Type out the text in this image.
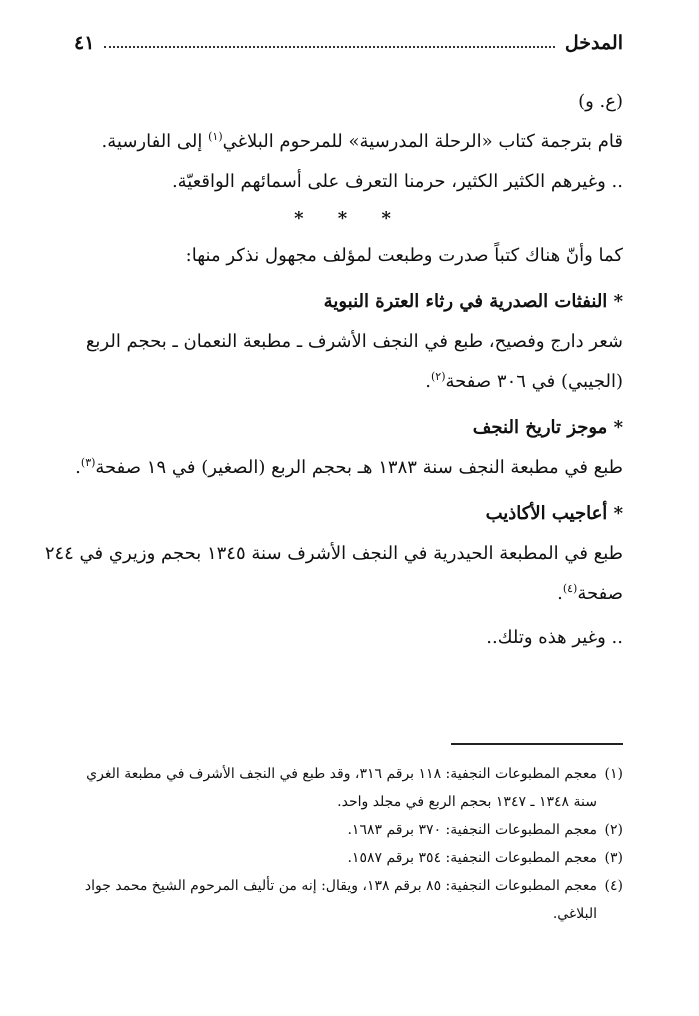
المدخل
٤١
(ع. و)
قام بترجمة كتاب «الرحلة المدرسية» للمرحوم البلاغي$^{(١)}$ إلى الفارسية.
.. وغيرهم الكثير الكثير، حرمنا التعرف على أسمائهم الواقعيّة.
* * *
كما وأنّ هناك كتباً صدرت وطبعت لمؤلف مجهول نذكر منها:
* النفثات الصدرية في رثاء العترة النبوية
شعر دارج وفصيح، طبع في النجف الأشرف ـ مطبعة النعمان ـ بحجم الربع
(الجيبي) في ٣٠٦ صفحة$^{(٢)}$.
* موجز تاريخ النجف
طبع في مطبعة النجف سنة ١٣٨٣ هـ بحجم الربع (الصغير) في ١٩ صفحة$^{(٣)}$.
* أعاجيب الأكاذيب
طبع في المطبعة الحيدرية في النجف الأشرف سنة ١٣٤٥ بحجم وزيري في ٢٤٤
صفحة$^{(٤)}$.
.. وغير هذه وتلك..
(١)
معجم المطبوعات النجفية: ١١٨ برقم ٣١٦، وقد طبع في النجف الأشرف في مطبعة الغري سنة ١٣٤٨ ـ ١٣٤٧ بحجم الربع في مجلد واحد.
(٢)
معجم المطبوعات النجفية: ٣٧٠ برقم ١٦٨٣.
(٣)
معجم المطبوعات النجفية: ٣٥٤ برقم ١٥٨٧.
(٤)
معجم المطبوعات النجفية: ٨٥ برقم ١٣٨، ويقال: إنه من تأليف المرحوم الشيخ محمد جواد البلاغي.
